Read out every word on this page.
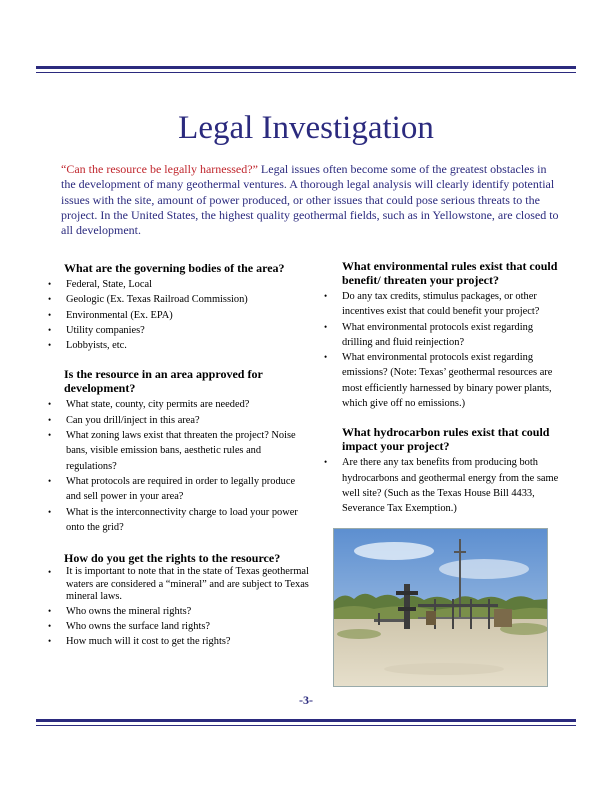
Legal Investigation

“Can the resource be legally harnessed?” Legal issues often become some of the greatest obstacles in the development of many geothermal ventures. A thorough legal analysis will clearly identify potential issues with the site, amount of power produced, or other issues that could pose serious threats to the project. In the United States, the highest quality geothermal fields, such as in Yellowstone, are closed to all development.

What are the governing bodies of the area?
• Federal, State, Local
• Geologic (Ex. Texas Railroad Commission)
• Environmental (Ex. EPA)
• Utility companies?
• Lobbyists, etc.
Is the resource in an area approved for development?
• What state, county, city permits are needed?
• Can you drill/inject in this area?
• What zoning laws exist that threaten the project? Noise bans, visible emission bans, aesthetic rules and regulations?
• What protocols are required in order to legally produce and sell power in your area?
• What is the interconnectivity charge to load your power onto the grid?
How do you get the rights to the resource?
• It is important to note that in the state of Texas geothermal waters are considered a “mineral” and are subject to Texas mineral laws.
• Who owns the mineral rights?
• Who owns the surface land rights?
• How much will it cost to get the rights?
What environmental rules exist that could benefit/ threaten your project?
• Do any tax credits, stimulus packages, or other incentives exist that could benefit your project?
• What environmental protocols exist regarding drilling and fluid reinjection?
• What environmental protocols exist regarding emissions? (Note: Texas’ geothermal resources are most efficiently harnessed by binary power plants, which give off no emissions.)
What hydrocarbon rules exist that could impact your project?
• Are there any tax benefits from producing both hydrocarbons and geothermal energy from the same well site? (Such as the Texas House Bill 4433, Severance Tax Exemption.)
-3-
